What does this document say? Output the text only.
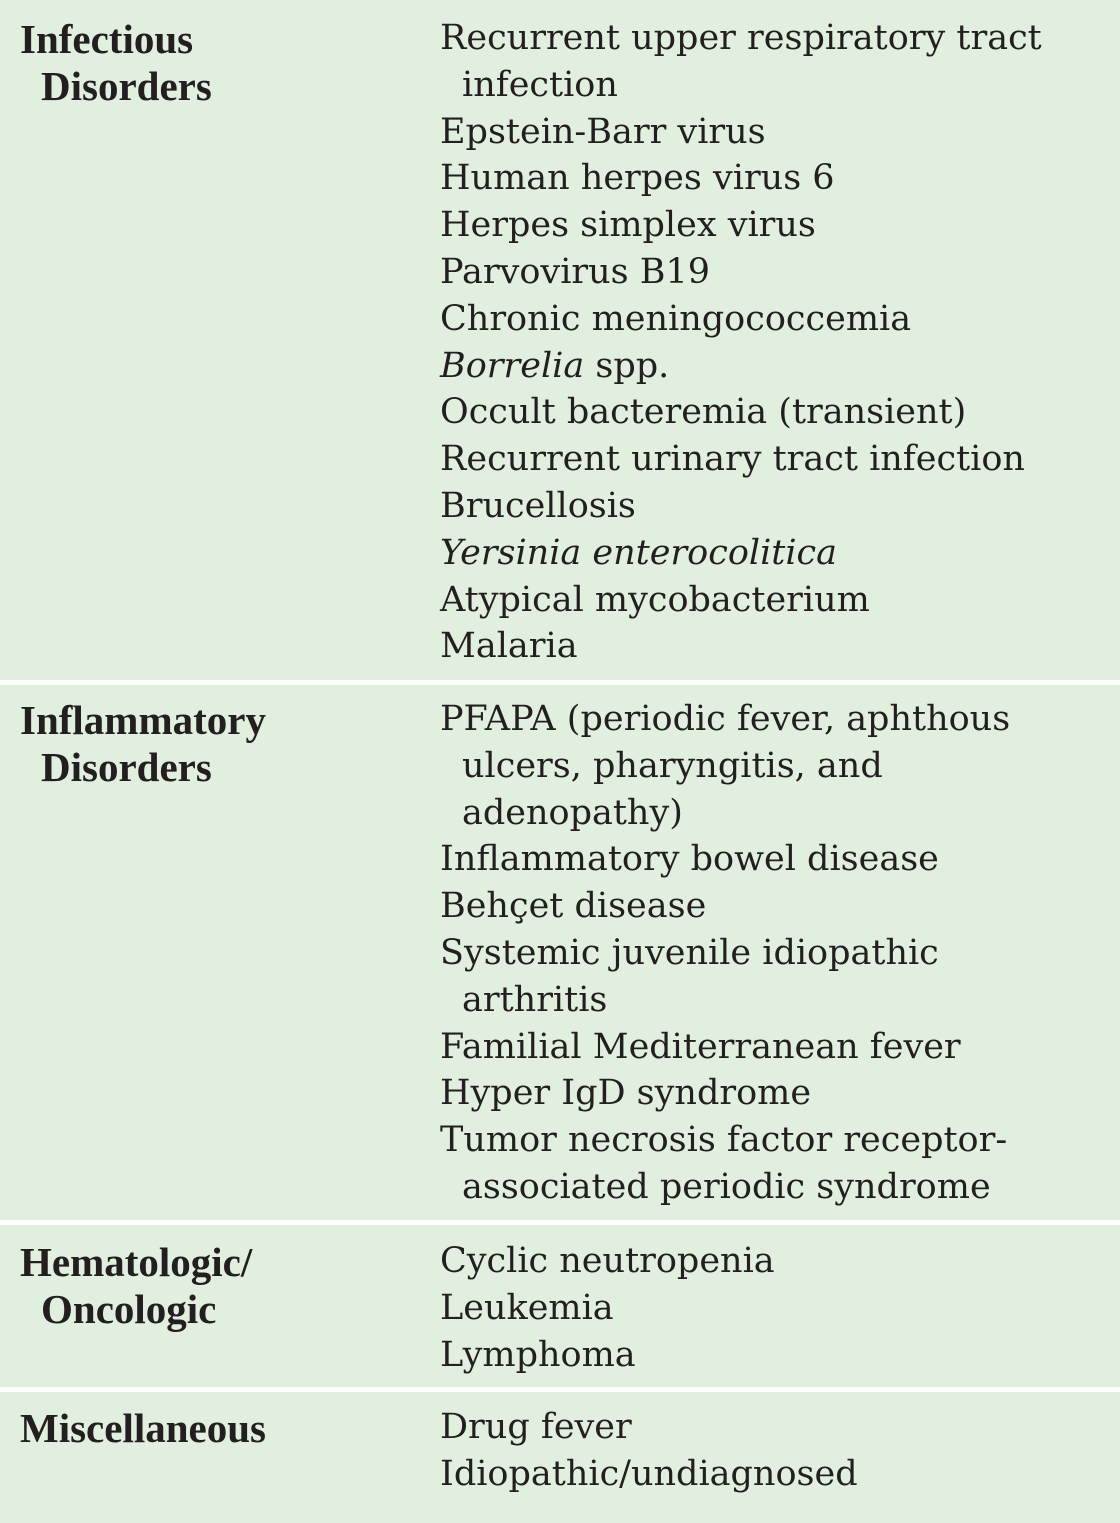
Infectious
Disorders
Recurrent upper respiratory tract
infection
Epstein-Barr virus
Human herpes virus 6
Herpes simplex virus
Parvovirus B19
Chronic meningococcemia
Borrelia spp.
Occult bacteremia (transient)
Recurrent urinary tract infection
Brucellosis
Yersinia enterocolitica
Atypical mycobacterium
Malaria
Inflammatory
Disorders
PFAPA (periodic fever, aphthous
ulcers, pharyngitis, and
adenopathy)
Inflammatory bowel disease
Behçet disease
Systemic juvenile idiopathic
arthritis
Familial Mediterranean fever
Hyper IgD syndrome
Tumor necrosis factor receptor-
associated periodic syndrome
Hematologic/
Oncologic
Cyclic neutropenia
Leukemia
Lymphoma
Miscellaneous	Drug fever
Idiopathic/undiagnosed
